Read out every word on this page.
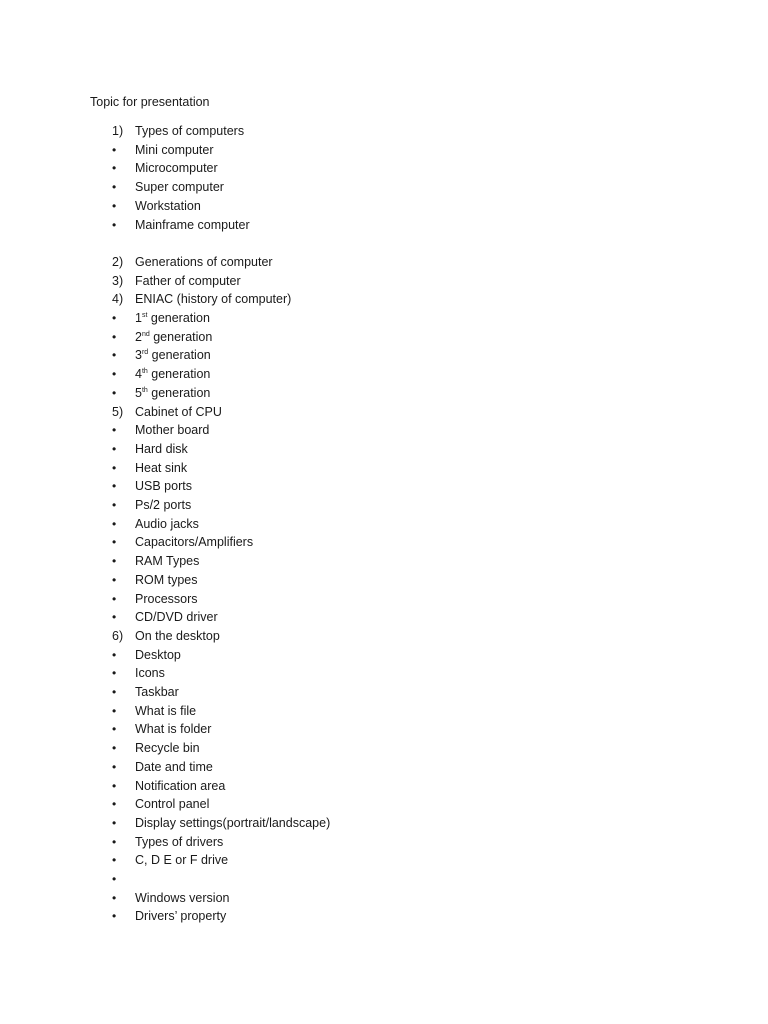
Topic for presentation
1) Types of computers
•	Mini computer
•	Microcomputer
•	Super computer
•	Workstation
•	Mainframe computer
2) Generations of computer
3) Father of computer
4) ENIAC (history of computer)
•	1st generation
•	2nd generation
•	3rd generation
•	4th generation
•	5th generation
5) Cabinet of CPU
•	Mother board
•	Hard disk
•	Heat sink
•	USB ports
•	Ps/2 ports
•	Audio jacks
•	Capacitors/Amplifiers
•	RAM Types
•	ROM types
•	Processors
•	CD/DVD driver
6) On the desktop
•	Desktop
•	Icons
•	Taskbar
•	What is file
•	What is folder
•	Recycle bin
•	Date and time
•	Notification area
•	Control panel
•	Display settings(portrait/landscape)
•	Types of drivers
•	C, D E or F drive
•
•	Windows version
•	Drivers’ property
